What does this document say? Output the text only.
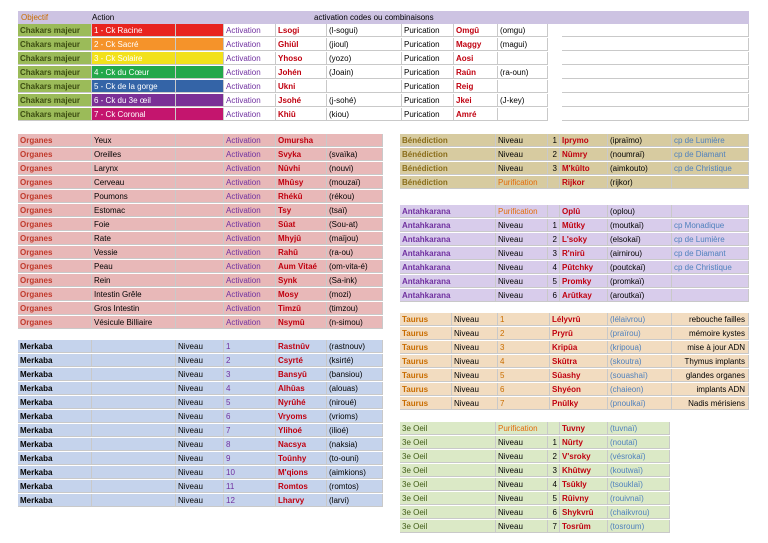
Objectif	Action	activation codes ou combinaisons
Chakars majeur	1 - Ck Racine	Activation	Lsogi	(l-sogui)	Purication	Omgû	(omgu)
Chakars majeur	2 - Ck Sacré	Activation	Ghiûl	(jioul)	Purication	Maggy	(magui)
Chakars majeur	3 - Ck Solaire	Activation	Yhoso	(yozo)	Purication	Aosi
Chakars majeur	4 - Ck du Cœur	Activation	Johén	(Joain)	Purication	Raûn	(ra-oun)
Chakars majeur	5 - Ck de la gorge	Activation	Ukni	Purication	Reig
Chakars majeur	6 - Ck du 3e œil	Activation	Jsohé	(j-sohé)	Purication	Jkei	(J-key)
Chakars majeur	7 - Ck Coronal	Activation	Khiû	(kiou)	Purication	Amré
Organes	Yeux	Activation	Omursha
Organes	Oreilles	Activation	Svyka	(svaïka)
Organes	Larynx	Activation	Nûvhi	(nouvi)
Organes	Cerveau	Activation	Mhûsy	(mouzaï)
Organes	Poumons	Activation	Rhékû	(rékou)
Organes	Estomac	Activation	Tsy	(tsaï)
Organes	Foie	Activation	Sûat	(Sou-at)
Organes	Rate	Activation	Mhyjû	(maïjou)
Organes	Vessie	Activation	Rahû	(ra-ou)
Organes	Peau	Activation	Aum Vitaé	(om-vita-é)
Organes	Rein	Activation	Synk	(Sa-ink)
Organes	Intestin Grêle	Activation	Mosy	(mozi)
Organes	Gros Intestin	Activation	Timzû	(timzou)
Organes	Vésicule Billiaire	Activation	Nsymû	(n-simou)
Merkaba	Niveau	1	Rastnûv	(rastnouv)
Merkaba	Niveau	2	Csyrté	(ksirté)
Merkaba	Niveau	3	Bansyû	(bansiou)
Merkaba	Niveau	4	Alhûas	(alouas)
Merkaba	Niveau	5	Nyrûhé	(niroué)
Merkaba	Niveau	6	Vryoms	(vrioms)
Merkaba	Niveau	7	Ylihoé	(ilioé)
Merkaba	Niveau	8	Nacsya	(naksia)
Merkaba	Niveau	9	Toûnhy	(to-ouni)
Merkaba	Niveau	10	M'qions	(aimkions)
Merkaba	Niveau	11	Romtos	(romtos)
Merkaba	Niveau	12	Lharvy	(larvi)
Bénédiction	Niveau	1 Iprymo	(ipraïmo)	cp de Lumière
Bénédiction	Niveau	2 Nûmry	(noumraï)	cp de Diamant
Bénédiction	Niveau	3 M'kûlto	(aimkouto)	cp de Christique
Bénédiction	Purification	Rijkor	(rijkor)
Antahkarana	Purification	Oplû	(oplou)
Antahkarana	Niveau	1 Mûtky	(moutkaï)	cp Monadique
Antahkarana	Niveau	2 L'soky	(elsokaï)	cp de Lumière
Antahkarana	Niveau	3 R'nirû	(airnirou)	cp de Diamant
Antahkarana	Niveau	4 Pûtchky	(poutckaï)	cp de Christique
Antahkarana	Niveau	5 Promky	(promkaï)
Antahkarana	Niveau	6 Arûtkay	(aroutkaï)
Taurus	Niveau	1	Lélyvrû	(lélaivrou)	rebouche failles
Taurus	Niveau	2	Pryrû	(praïrou)	mémoire kystes
Taurus	Niveau	3	Kripûa	(kripoua)	mise à jour ADN
Taurus	Niveau	4	Skûtra	(skoutra)	Thymus implants
Taurus	Niveau	5	Sûashy	(souashaï)	glandes organes
Taurus	Niveau	6	Shyéon	(chaieon)	implants ADN
Taurus	Niveau	7	Pnûlky	(pnoulkaï)	Nadis mérisiens
3e Oeil	Purification	Tuvny	(tuvnaï)
3e Oeil	Niveau	1 Nûrty	(noutaï)
3e Oeil	Niveau	2 V'sroky	(vésrokaï)
3e Oeil	Niveau	3 Khûtwy	(koutwaï)
3e Oeil	Niveau	4 Tsûkly	(tsouklaï)
3e Oeil	Niveau	5 Rûivny	(rouivnaï)
3e Oeil	Niveau	6 Shykvrû	(chaikvrou)
3e Oeil	Niveau	7 Tosrûm	(tosroum)
